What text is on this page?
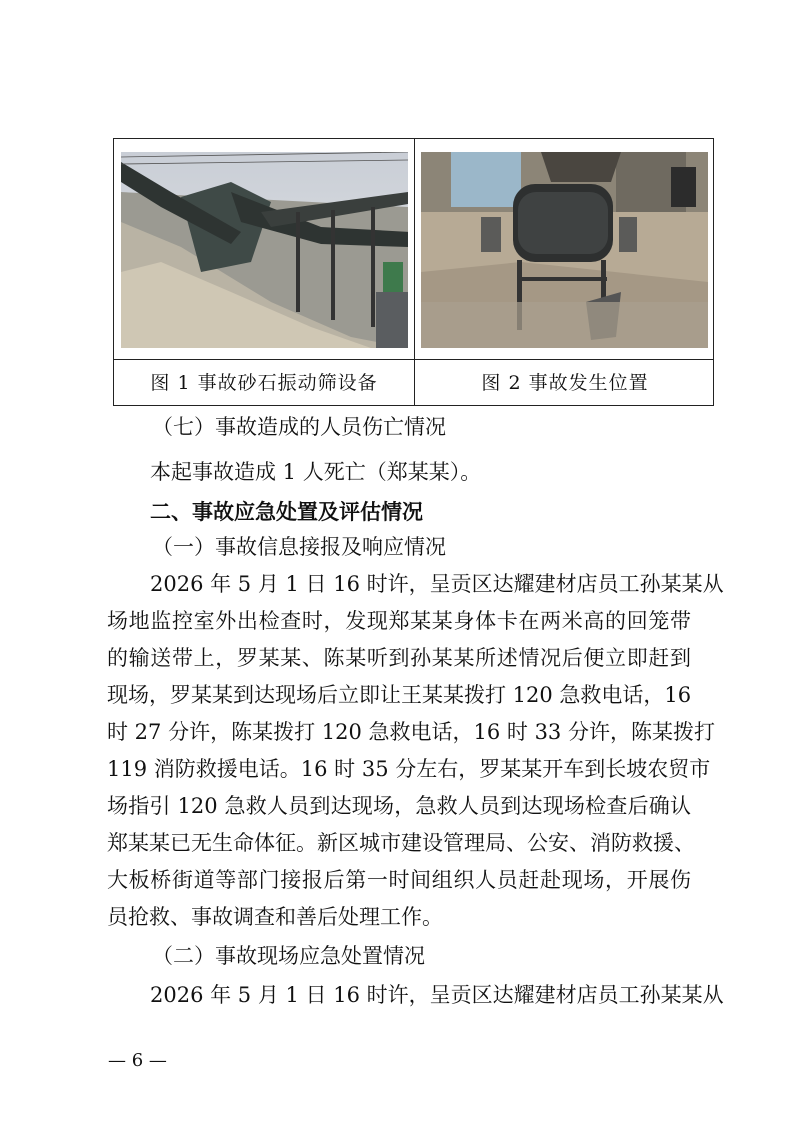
图 1 事故砂石振动筛设备	图 2 事故发生位置
（七）事故造成的人员伤亡情况
本起事故造成 1 人死亡（郑某某）。
二、事故应急处置及评估情况
（一）事故信息接报及响应情况
2026 年 5 月 1 日 16 时许，呈贡区达耀建材店员工孙某某从
场地监控室外出检查时，发现郑某某身体卡在两米高的回笼带
的输送带上，罗某某、陈某听到孙某某所述情况后便立即赶到
现场，罗某某到达现场后立即让王某某拨打 120 急救电话，16
时 27 分许，陈某拨打 120 急救电话，16 时 33 分许，陈某拨打
119 消防救援电话。16 时 35 分左右，罗某某开车到长坡农贸市
场指引 120 急救人员到达现场，急救人员到达现场检查后确认
郑某某已无生命体征。新区城市建设管理局、公安、消防救援、
大板桥街道等部门接报后第一时间组织人员赶赴现场，开展伤
员抢救、事故调查和善后处理工作。
（二）事故现场应急处置情况
2026 年 5 月 1 日 16 时许，呈贡区达耀建材店员工孙某某从
— 6 —
